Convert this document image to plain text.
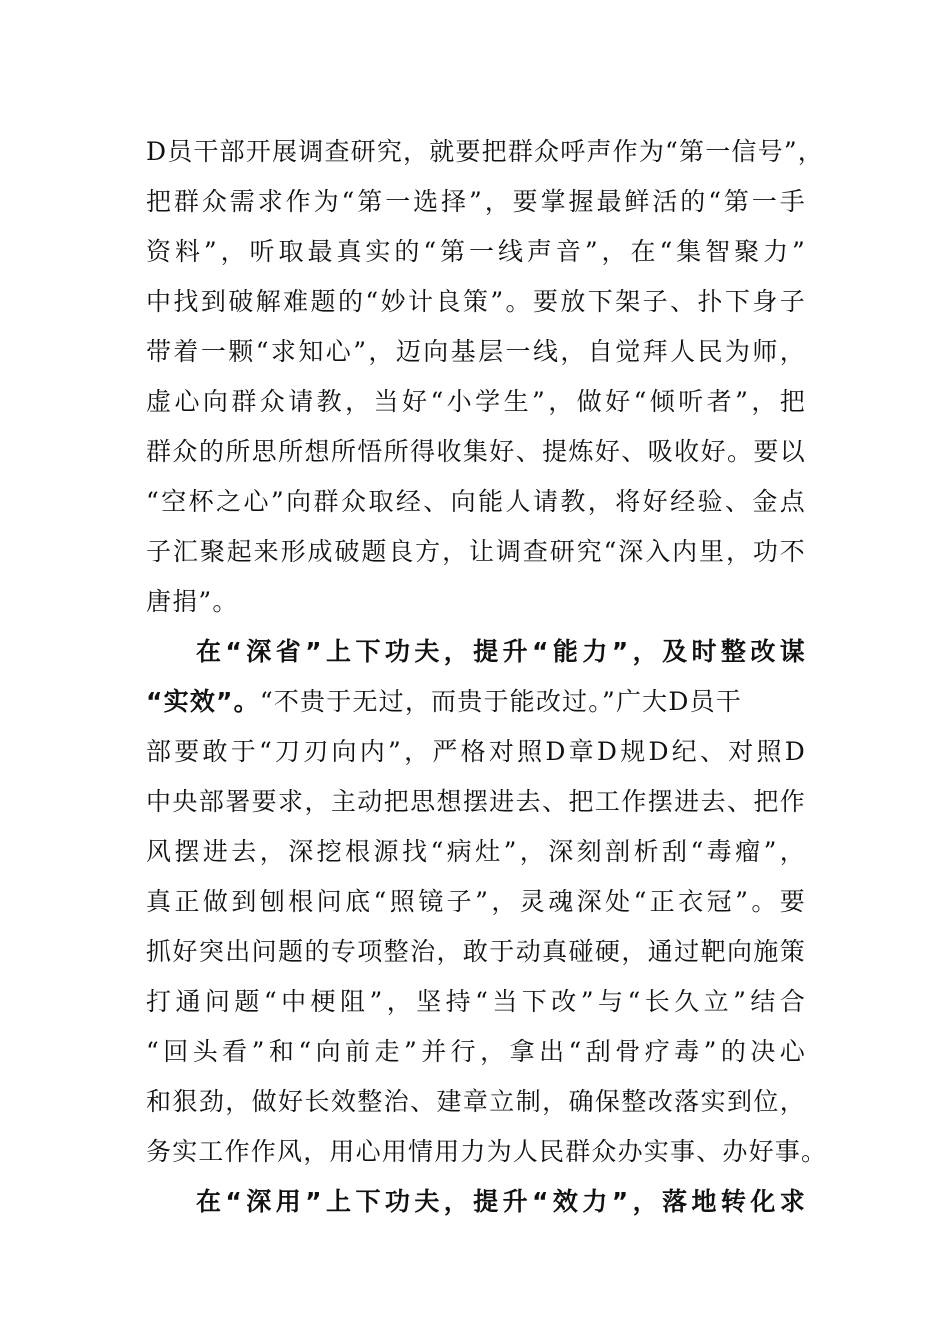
D员干部开展调查研究，就要把群众呼声作为“第一信号”，
把群众需求作为“第一选择”，要掌握最鲜活的“第一手
资料”，听取最真实的“第一线声音”，在“集智聚力”
中找到破解难题的“妙计良策”。要放下架子、扑下身子
带着一颗“求知心”，迈向基层一线，自觉拜人民为师，
虚心向群众请教，当好“小学生”，做好“倾听者”，把
群众的所思所想所悟所得收集好、提炼好、吸收好。要以
“空杯之心”向群众取经、向能人请教，将好经验、金点
子汇聚起来形成破题良方，让调查研究“深入内里，功不
唐捐”。
在“深省”上下功夫，提升“能力”，及时整改谋
“实效”。“不贵于无过，而贵于能改过。”广大D员干
部要敢于“刀刃向内”，严格对照D章D规D纪、对照D
中央部署要求，主动把思想摆进去、把工作摆进去、把作
风摆进去，深挖根源找“病灶”，深刻剖析刮“毒瘤”，
真正做到刨根问底“照镜子”，灵魂深处“正衣冠”。要
抓好突出问题的专项整治，敢于动真碰硬，通过靶向施策
打通问题“中梗阻”，坚持“当下改”与“长久立”结合
“回头看”和“向前走”并行，拿出“刮骨疗毒”的决心
和狠劲，做好长效整治、建章立制，确保整改落实到位，
务实工作作风，用心用情用力为人民群众办实事、办好事。
在“深用”上下功夫，提升“效力”，落地转化求
